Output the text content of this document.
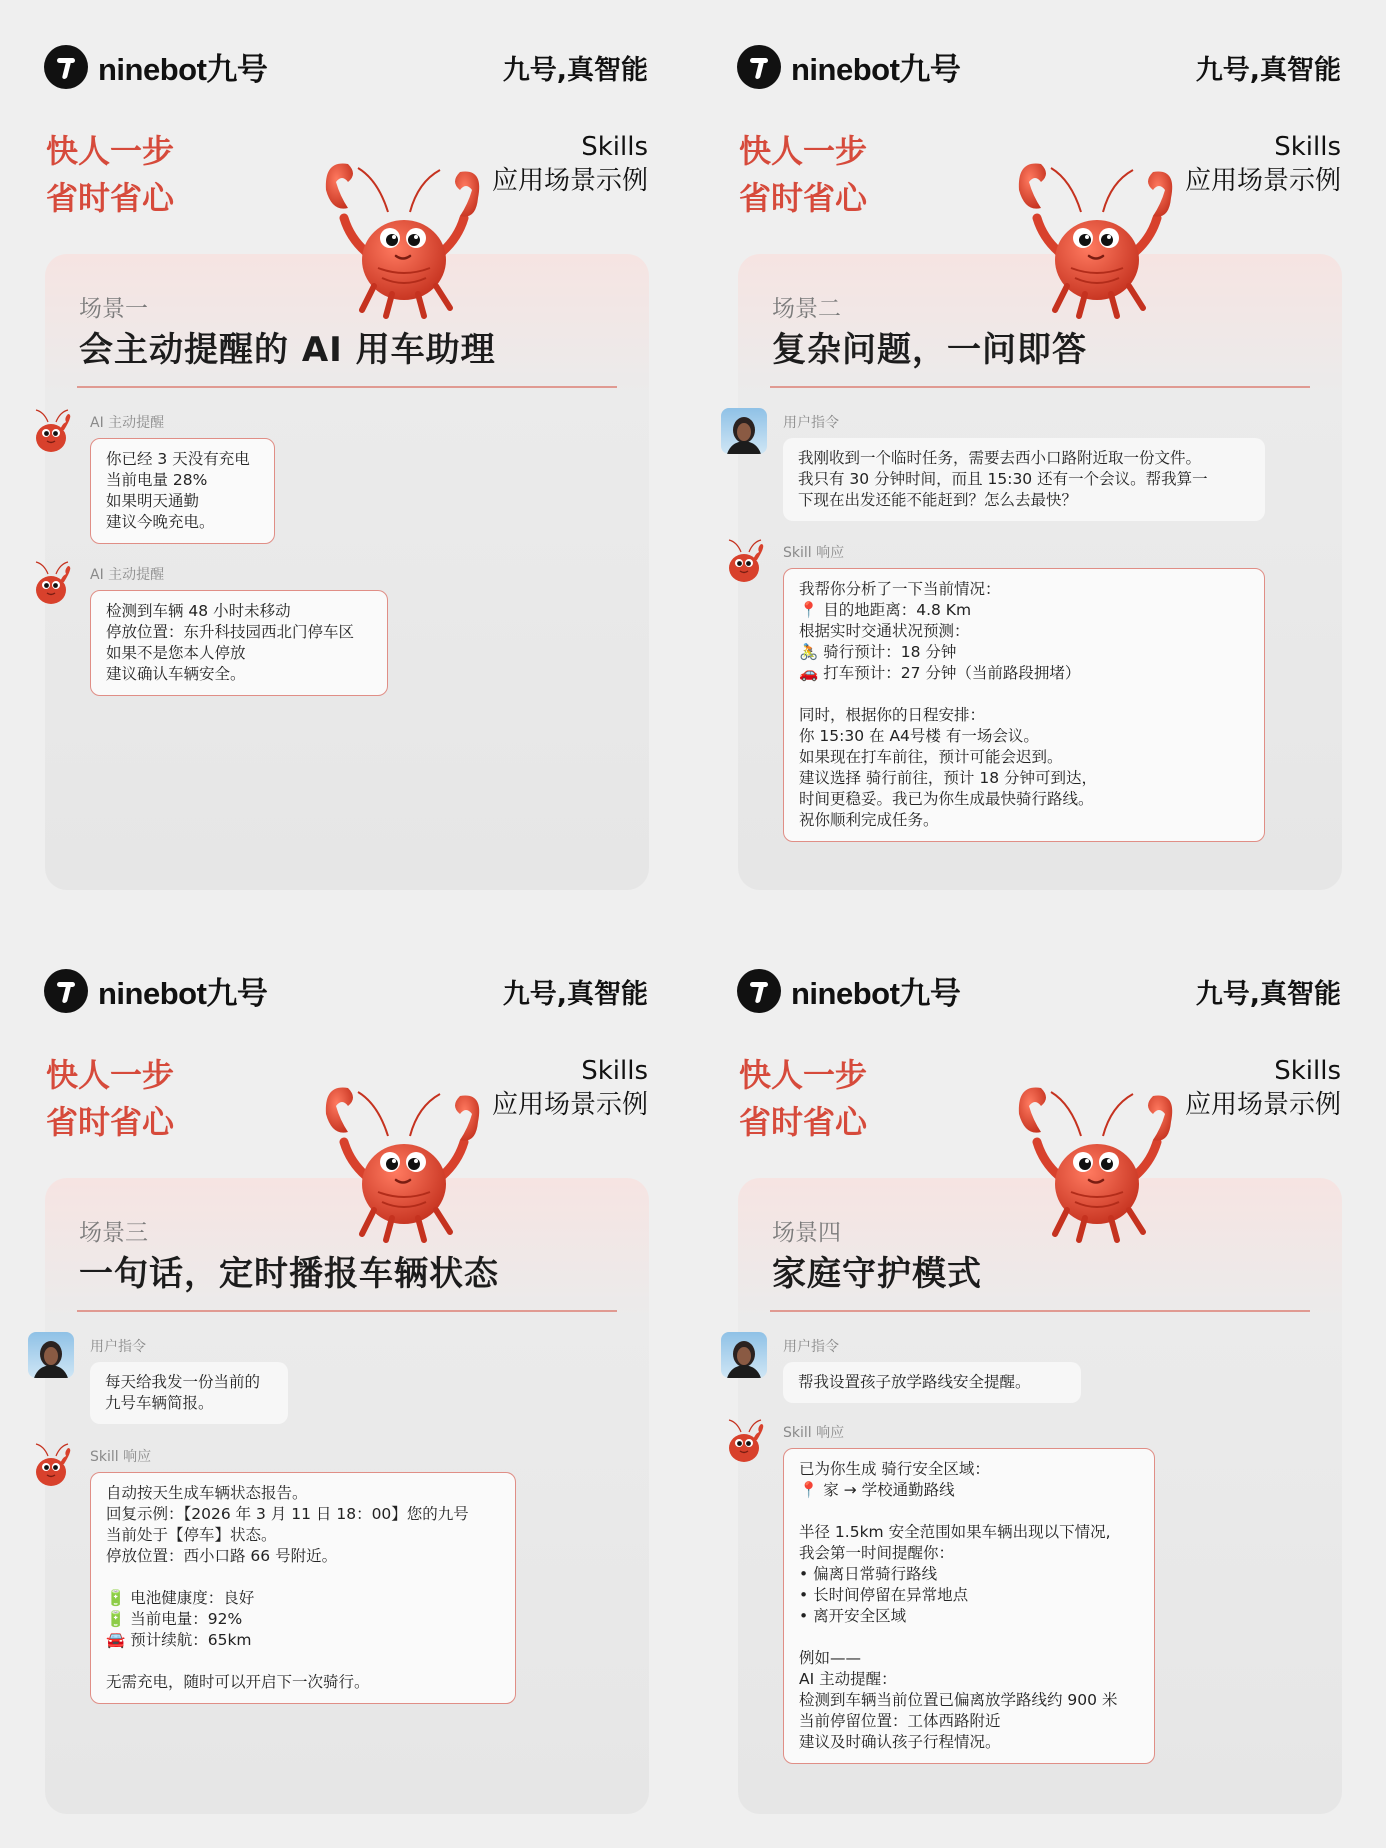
ninebot九号	九号,真智能
快人一步
省时省心
Skills
应用场景示例
场景一
会主动提醒的 AI 用车助理
AI 主动提醒
你已经 3 天没有充电
当前电量 28%
如果明天通勤
建议今晚充电。
AI 主动提醒
检测到车辆 48 小时未移动
停放位置：东升科技园西北门停车区
如果不是您本人停放
建议确认车辆安全。
ninebot九号	九号,真智能
快人一步
省时省心
Skills
应用场景示例
场景二
复杂问题，一问即答
用户指令
我刚收到一个临时任务，需要去西小口路附近取一份文件。
我只有 30 分钟时间，而且 15:30 还有一个会议。帮我算一
下现在出发还能不能赶到？怎么去最快？
Skill 响应
我帮你分析了一下当前情况：
📍 目的地距离：4.8 Km
根据实时交通状况预测：
🚴 骑行预计：18 分钟
🚗 打车预计：27 分钟（当前路段拥堵）
同时，根据你的日程安排：
你 15:30 在 A4号楼 有一场会议。
如果现在打车前往，预计可能会迟到。
建议选择 骑行前往，预计 18 分钟可到达，
时间更稳妥。我已为你生成最快骑行路线。
祝你顺利完成任务。
ninebot九号	九号,真智能
快人一步
省时省心
Skills
应用场景示例
场景三
一句话，定时播报车辆状态
用户指令
每天给我发一份当前的
九号车辆简报。
Skill 响应
自动按天生成车辆状态报告。
回复示例：【2026 年 3 月 11 日 18：00】您的九号
当前处于【停车】状态。
停放位置：西小口路 66 号附近。
🔋 电池健康度：良好
🔋 当前电量：92%
🚘 预计续航：65km
无需充电，随时可以开启下一次骑行。
ninebot九号	九号,真智能
快人一步
省时省心
Skills
应用场景示例
场景四
家庭守护模式
用户指令
帮我设置孩子放学路线安全提醒。
Skill 响应
已为你生成 骑行安全区域：
📍 家 → 学校通勤路线
半径 1.5km 安全范围如果车辆出现以下情况,
我会第一时间提醒你：
• 偏离日常骑行路线
• 长时间停留在异常地点
• 离开安全区域
例如——
AI 主动提醒：
检测到车辆当前位置已偏离放学路线约 900 米
当前停留位置：工体西路附近
建议及时确认孩子行程情况。
